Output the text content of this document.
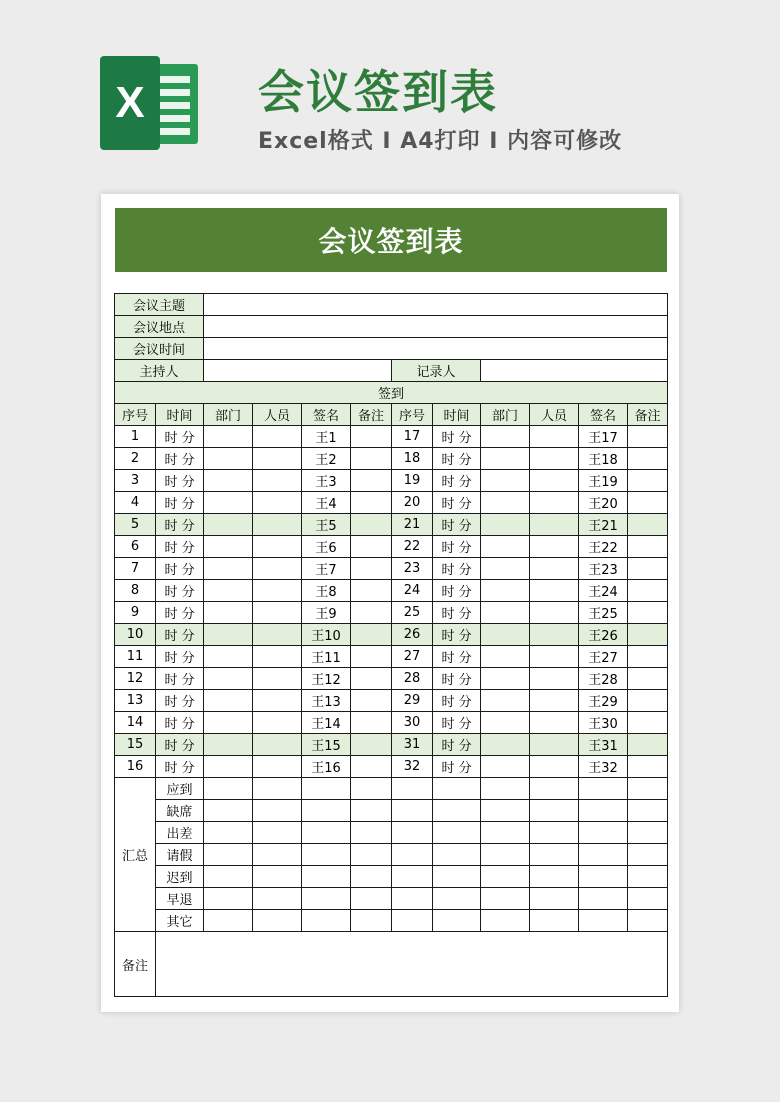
X 会议签到表
Excel格式 I A4打印 I 内容可修改
会议签到表
会议主题											
会议地点											
会议时间											
主持人						记录人					
签到											
序号	时间	部门	人员	签名	备注	序号	时间	部门	人员	签名	备注
1	时 分			王1		17	时 分			王17	
2	时 分			王2		18	时 分			王18	
3	时 分			王3		19	时 分			王19	
4	时 分			王4		20	时 分			王20	
5	时 分			王5		21	时 分			王21	
6	时 分			王6		22	时 分			王22	
7	时 分			王7		23	时 分			王23	
8	时 分			王8		24	时 分			王24	
9	时 分			王9		25	时 分			王25	
10	时 分			王10		26	时 分			王26	
11	时 分			王11		27	时 分			王27	
12	时 分			王12		28	时 分			王28	
13	时 分			王13		29	时 分			王29	
14	时 分			王14		30	时 分			王30	
15	时 分			王15		31	时 分			王31	
16	时 分			王16		32	时 分			王32	
汇总	应到										
	缺席										
	出差										
	请假										
	迟到										
	早退										
	其它										
备注											
